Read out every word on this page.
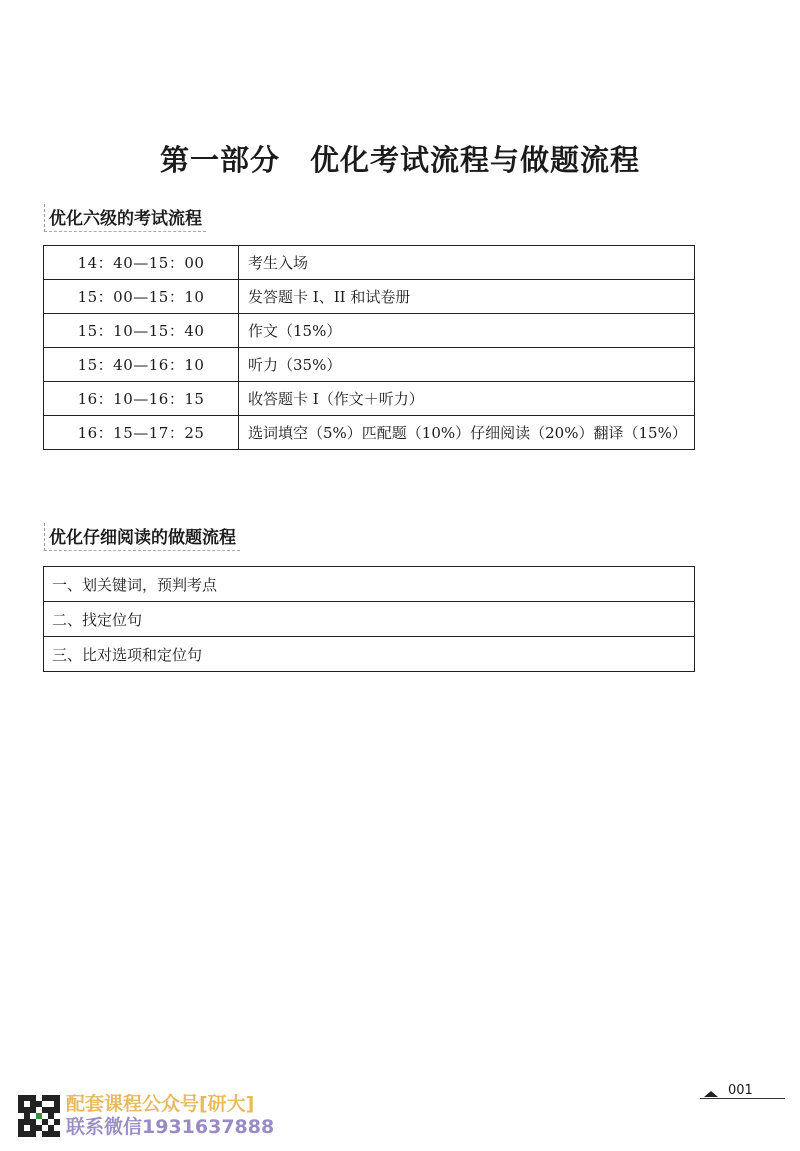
第一部分　优化考试流程与做题流程
优化六级的考试流程
14：40—15：00	考生入场
15：00—15：10	发答题卡 I、II 和试卷册
15：10—15：40	作文（15%）
15：40—16：10	听力（35%）
16：10—16：15	收答题卡 I（作文＋听力）
16：15—17：25	选词填空（5%）匹配题（10%）仔细阅读（20%）翻译（15%）
优化仔细阅读的做题流程
一、划关键词，预判考点
二、找定位句
三、比对选项和定位句
配套课程公众号[研大]
联系微信1931637888
001
